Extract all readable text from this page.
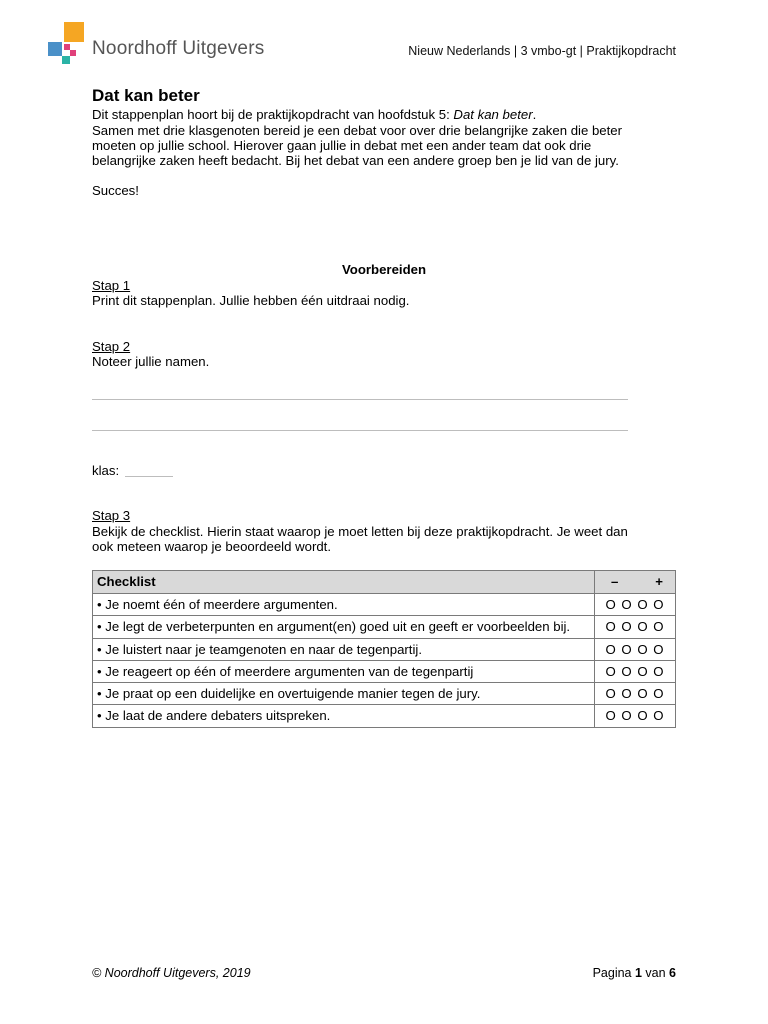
Noordhoff Uitgevers	Nieuw Nederlands | 3 vmbo-gt | Praktijkopdracht
Dat kan beter
Dit stappenplan hoort bij de praktijkopdracht van hoofdstuk 5: Dat kan beter.
Samen met drie klasgenoten bereid je een debat voor over drie belangrijke zaken die beter
moeten op jullie school. Hierover gaan jullie in debat met een ander team dat ook drie
belangrijke zaken heeft bedacht. Bij het debat van een andere groep ben je lid van de jury.
Succes!
Voorbereiden
Stap 1
Print dit stappenplan. Jullie hebben één uitdraai nodig.
Stap 2
Noteer jullie namen.
klas:
Stap 3
Bekijk de checklist. Hierin staat waarop je moet letten bij deze praktijkopdracht. Je weet dan
ook meteen waarop je beoordeeld wordt.
Checklist	– +

• Je noemt één of meerdere argumenten.	O O O O
• Je legt de verbeterpunten en argument(en) goed uit en geeft er voorbeelden bij.	O O O O
• Je luistert naar je teamgenoten en naar de tegenpartij.	O O O O
• Je reageert op één of meerdere argumenten van de tegenpartij	O O O O
• Je praat op een duidelijke en overtuigende manier tegen de jury.	O O O O
• Je laat de andere debaters uitspreken.	O O O O
© Noordhoff Uitgevers, 2019	Pagina 1 van 6
